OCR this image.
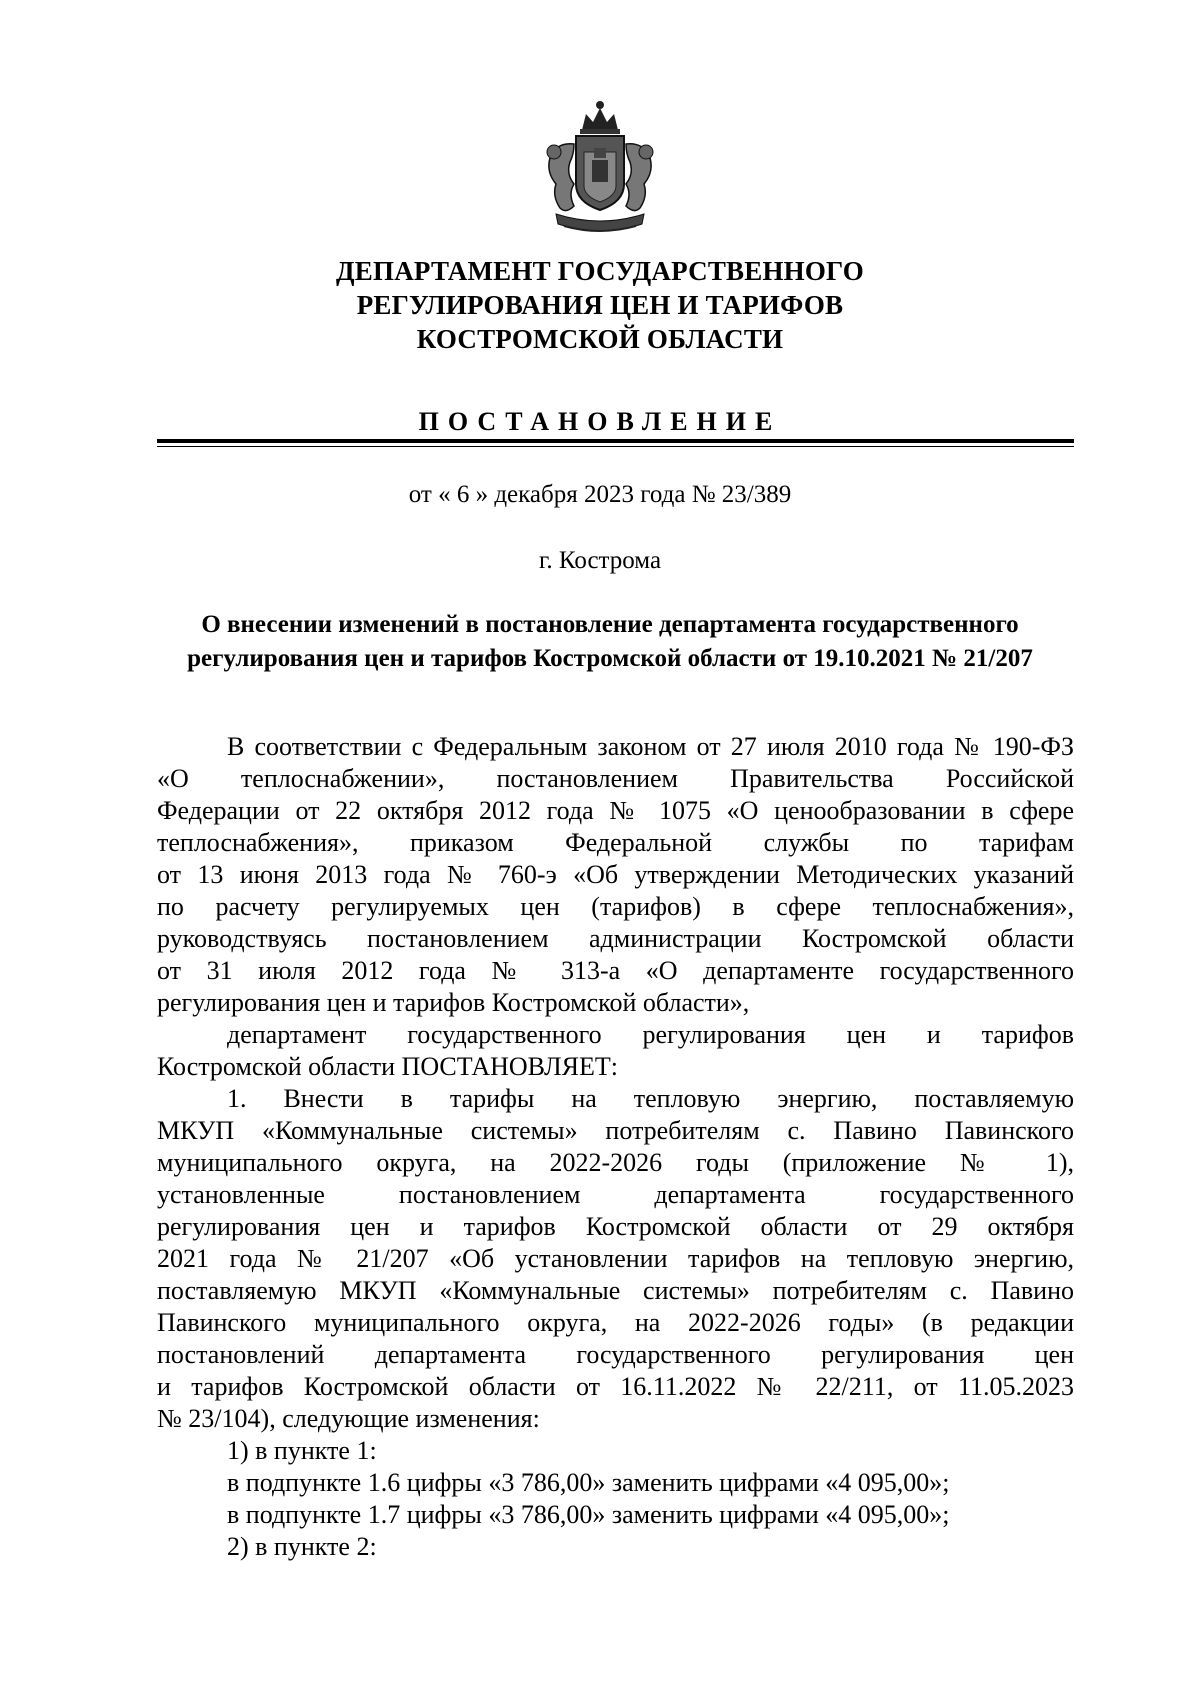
ДЕПАРТАМЕНТ ГОСУДАРСТВЕННОГО
РЕГУЛИРОВАНИЯ ЦЕН И ТАРИФОВ
КОСТРОМСКОЙ ОБЛАСТИ
ПОСТАНОВЛЕНИЕ
от « 6 » декабря 2023 года № 23/389
г. Кострома
О внесении изменений в постановление департамента государственного
регулирования цен и тарифов Костромской области от 19.10.2021 № 21/207
В соответствии с Федеральным законом от 27 июля 2010 года № 190-ФЗ
«О теплоснабжении», постановлением Правительства Российской
Федерации от 22 октября 2012 года № 1075 «О ценообразовании в сфере
теплоснабжения», приказом Федеральной службы по тарифам
от 13 июня 2013 года № 760-э «Об утверждении Методических указаний
по расчету регулируемых цен (тарифов) в сфере теплоснабжения»,
руководствуясь постановлением администрации Костромской области
от 31 июля 2012 года № 313-а «О департаменте государственного
регулирования цен и тарифов Костромской области»,
департамент государственного регулирования цен и тарифов
Костромской области ПОСТАНОВЛЯЕТ:
1. Внести в тарифы на тепловую энергию, поставляемую
МКУП «Коммунальные системы» потребителям с. Павино Павинского
муниципального округа, на 2022-2026 годы (приложение № 1),
установленные постановлением департамента государственного
регулирования цен и тарифов Костромской области от 29 октября
2021 года № 21/207 «Об установлении тарифов на тепловую энергию,
поставляемую МКУП «Коммунальные системы» потребителям с. Павино
Павинского муниципального округа, на 2022-2026 годы» (в редакции
постановлений департамента государственного регулирования цен
и тарифов Костромской области от 16.11.2022 № 22/211, от 11.05.2023
№ 23/104), следующие изменения:
1) в пункте 1:
в подпункте 1.6 цифры «3 786,00» заменить цифрами «4 095,00»;
в подпункте 1.7 цифры «3 786,00» заменить цифрами «4 095,00»;
2) в пункте 2:
